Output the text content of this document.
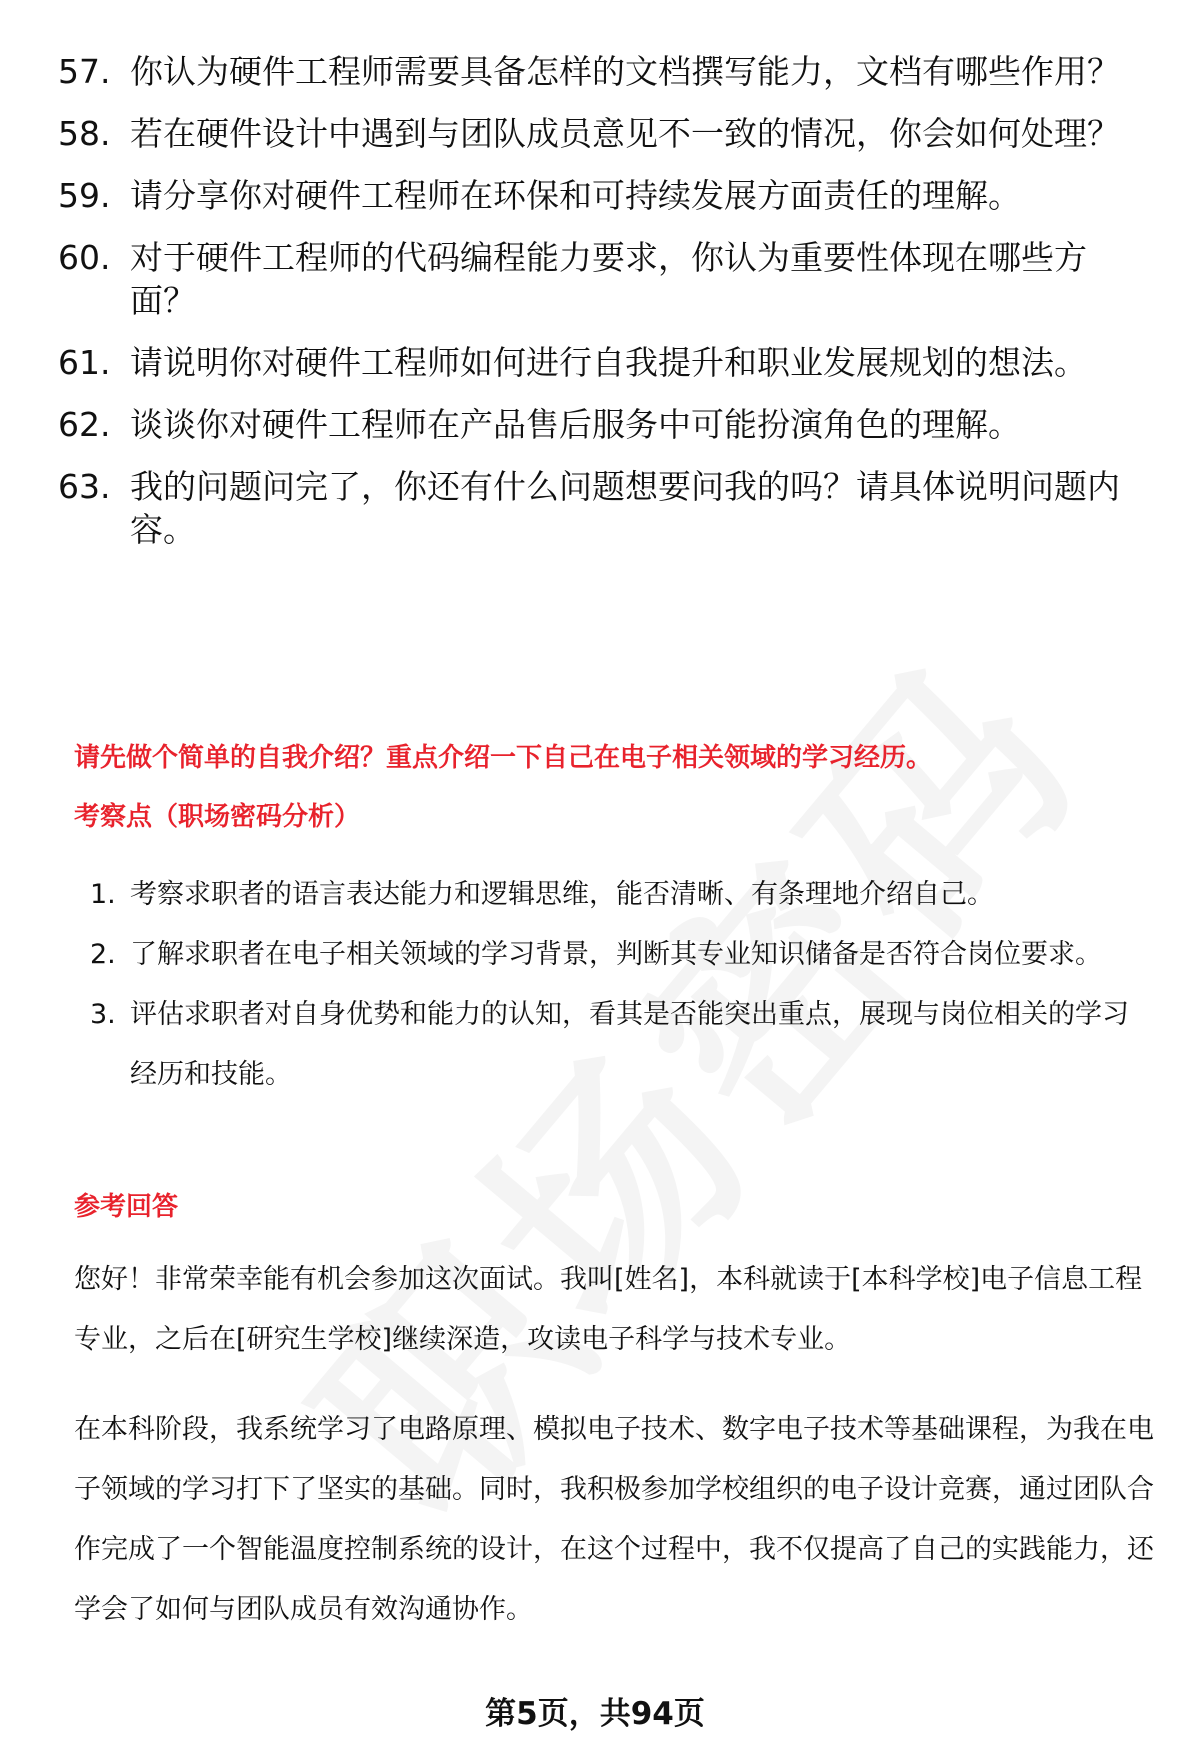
57. 你认为硬件工程师需要具备怎样的文档撰写能力，文档有哪些作用？
58. 若在硬件设计中遇到与团队成员意见不一致的情况，你会如何处理？
59. 请分享你对硬件工程师在环保和可持续发展方面责任的理解。
60. 对于硬件工程师的代码编程能力要求，你认为重要性体现在哪些方面？
61. 请说明你对硬件工程师如何进行自我提升和职业发展规划的想法。
62. 谈谈你对硬件工程师在产品售后服务中可能扮演角色的理解。
63. 我的问题问完了，你还有什么问题想要问我的吗？请具体说明问题内容。
请先做个简单的自我介绍？重点介绍一下自己在电子相关领域的学习经历。
考察点（职场密码分析）
1. 考察求职者的语言表达能力和逻辑思维，能否清晰、有条理地介绍自己。
2. 了解求职者在电子相关领域的学习背景，判断其专业知识储备是否符合岗位要求。
3. 评估求职者对自身优势和能力的认知，看其是否能突出重点，展现与岗位相关的学习经历和技能。
参考回答

您好！非常荣幸能有机会参加这次面试。我叫[姓名]，本科就读于[本科学校]电子信息工程专业，之后在[研究生学校]继续深造，攻读电子科学与技术专业。

在本科阶段，我系统学习了电路原理、模拟电子技术、数字电子技术等基础课程，为我在电子领域的学习打下了坚实的基础。同时，我积极参加学校组织的电子设计竞赛，通过团队合作完成了一个智能温度控制系统的设计，在这个过程中，我不仅提高了自己的实践能力，还学会了如何与团队成员有效沟通协作。

第5页，共94页
